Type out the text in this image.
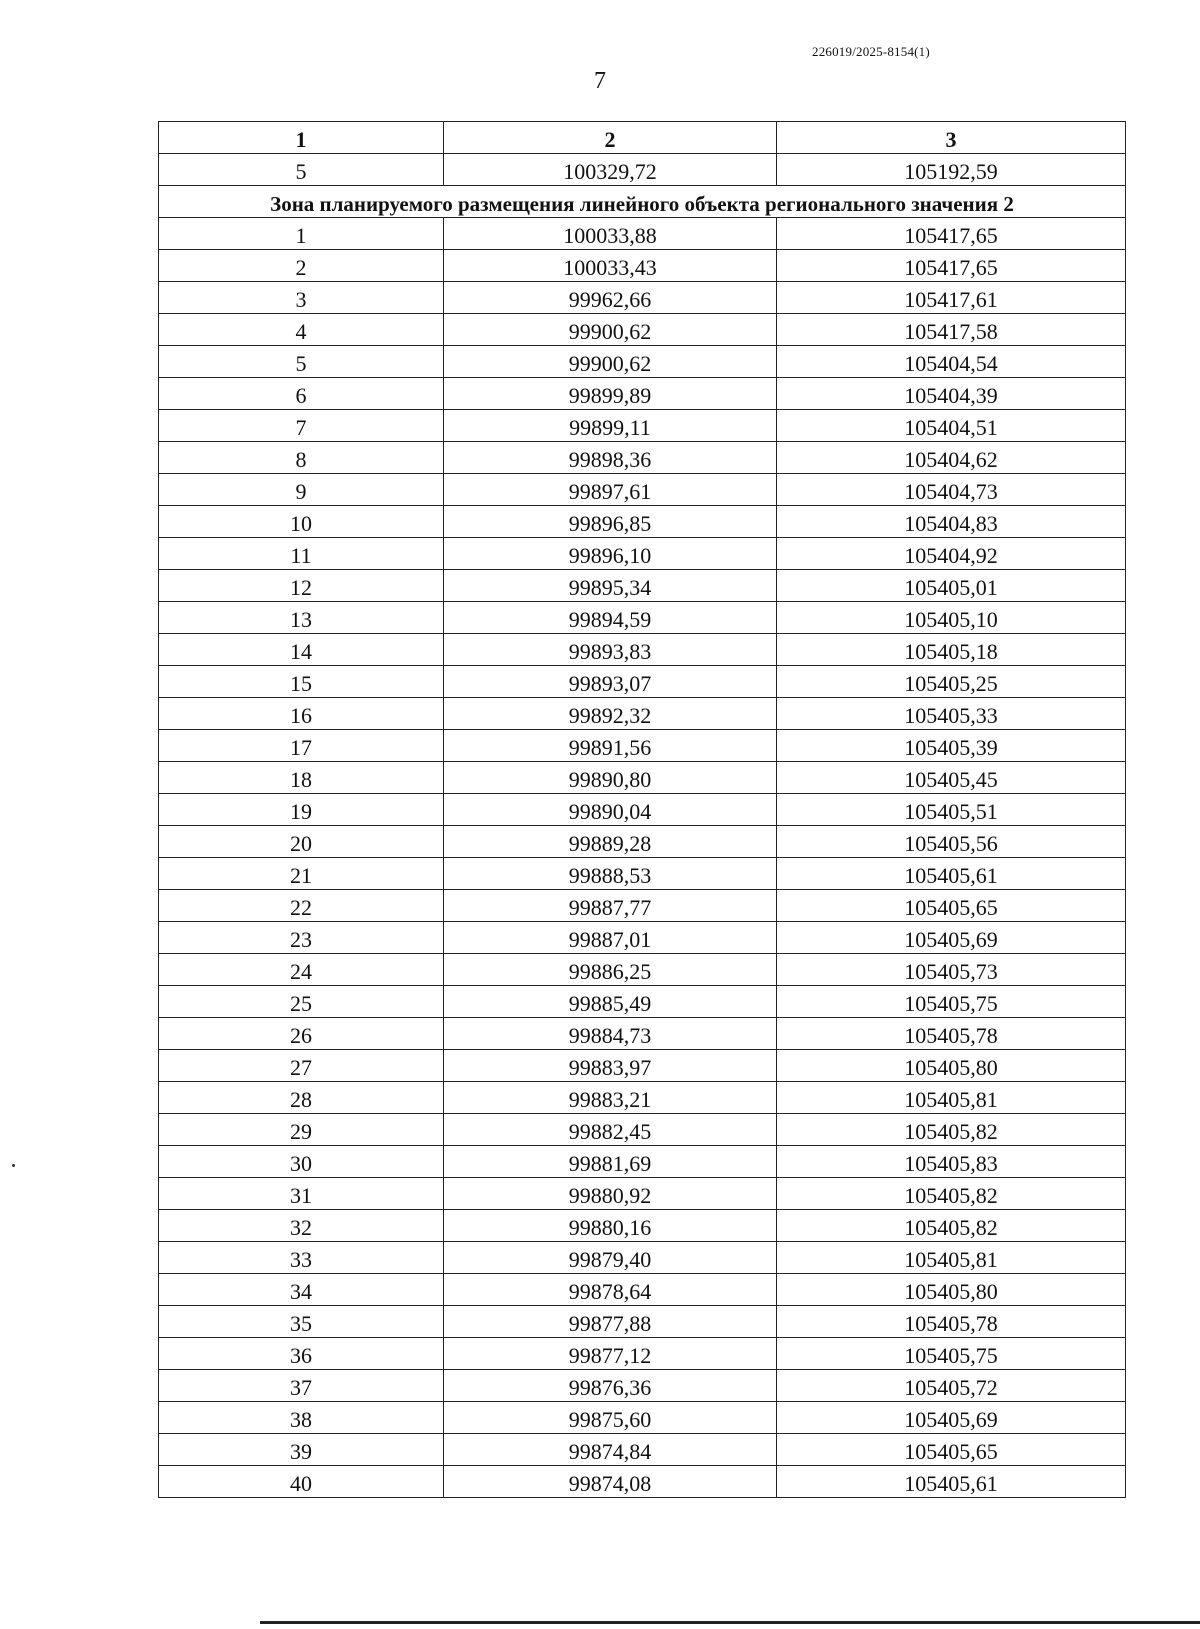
226019/2025-8154(1)
7
1	2	3
5	100329,72	105192,59
Зона планируемого размещения линейного объекта регионального значения 2		
1	100033,88	105417,65
2	100033,43	105417,65
3	99962,66	105417,61
4	99900,62	105417,58
5	99900,62	105404,54
6	99899,89	105404,39
7	99899,11	105404,51
8	99898,36	105404,62
9	99897,61	105404,73
10	99896,85	105404,83
11	99896,10	105404,92
12	99895,34	105405,01
13	99894,59	105405,10
14	99893,83	105405,18
15	99893,07	105405,25
16	99892,32	105405,33
17	99891,56	105405,39
18	99890,80	105405,45
19	99890,04	105405,51
20	99889,28	105405,56
21	99888,53	105405,61
22	99887,77	105405,65
23	99887,01	105405,69
24	99886,25	105405,73
25	99885,49	105405,75
26	99884,73	105405,78
27	99883,97	105405,80
28	99883,21	105405,81
29	99882,45	105405,82
30	99881,69	105405,83
31	99880,92	105405,82
32	99880,16	105405,82
33	99879,40	105405,81
34	99878,64	105405,80
35	99877,88	105405,78
36	99877,12	105405,75
37	99876,36	105405,72
38	99875,60	105405,69
39	99874,84	105405,65
40	99874,08	105405,61
